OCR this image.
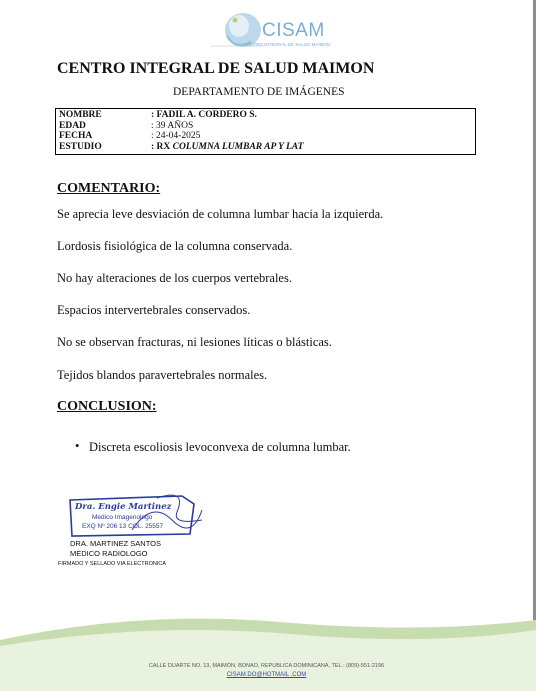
CISAM
CENTRO INTEGRAL DE SALUD MAIMON
CENTRO INTEGRAL DE SALUD MAIMON
DEPARTAMENTO DE IMÁGENES
NOMBRE	: FADIL A. CORDERO S.
EDAD	: 39 AÑOS
FECHA	: 24-04-2025
ESTUDIO	: RX COLUMNA LUMBAR AP Y LAT
COMENTARIO:
Se aprecia leve desviación de columna lumbar hacia la izquierda.
Lordosis fisiológica de la columna conservada.
No hay alteraciones de los cuerpos vertebrales.
Espacios intervertebrales conservados.
No se observan fracturas, ni lesiones líticas o blásticas.
Tejidos blandos paravertebrales normales.
CONCLUSION:
• Discreta escoliosis levoconvexa de columna lumbar.
Dra. Engie Martinez
Medico Imagenologo
EXQ Nº 206 13 COL. 25557
DRA. MARTINEZ SANTOS
MEDICO RADIOLOGO
FIRMADO Y SELLADO VIA ELECTRONICA
CALLE DUARTE NO. 13, MAIMÓN, BONAO, REPUBLICA DOMINICANA, TEL.: (809)-551-2196
CISAM.DO@HOTMAIL .COM
